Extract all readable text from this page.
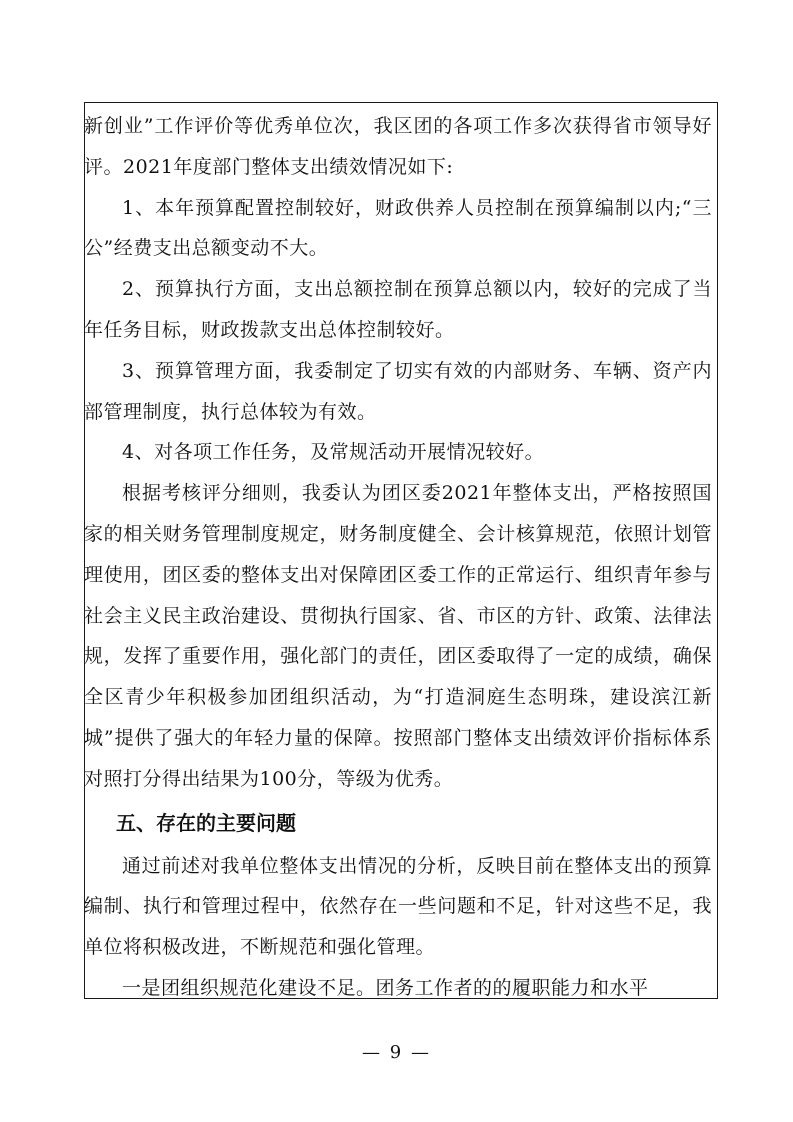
新创业”工作评价等优秀单位次，我区团的各项工作多次获得省市领导好评。2021年度部门整体支出绩效情况如下:

1、本年预算配置控制较好，财政供养人员控制在预算编制以内;“三公”经费支出总额变动不大。

2、预算执行方面，支出总额控制在预算总额以内，较好的完成了当年任务目标，财政拨款支出总体控制较好。

3、预算管理方面，我委制定了切实有效的内部财务、车辆、资产内部管理制度，执行总体较为有效。

4、对各项工作任务，及常规活动开展情况较好。

根据考核评分细则，我委认为团区委2021年整体支出，严格按照国家的相关财务管理制度规定，财务制度健全、会计核算规范，依照计划管理使用，团区委的整体支出对保障团区委工作的正常运行、组织青年参与社会主义民主政治建设、贯彻执行国家、省、市区的方针、政策、法律法规，发挥了重要作用，强化部门的责任，团区委取得了一定的成绩，确保全区青少年积极参加团组织活动，为“打造洞庭生态明珠，建设滨江新城”提供了强大的年轻力量的保障。按照部门整体支出绩效评价指标体系对照打分得出结果为100分，等级为优秀。

五、存在的主要问题

通过前述对我单位整体支出情况的分析，反映目前在整体支出的预算编制、执行和管理过程中，依然存在一些问题和不足，针对这些不足，我单位将积极改进，不断规范和强化管理。

一是团组织规范化建设不足。团务工作者的的履职能力和水平

— 9 —
